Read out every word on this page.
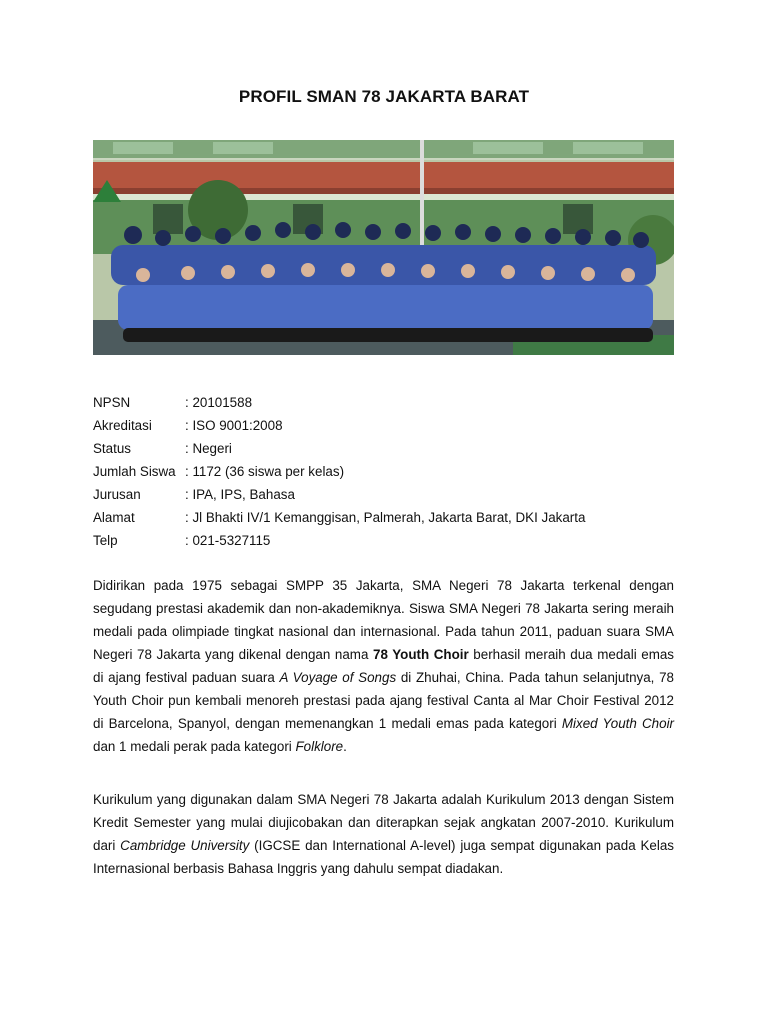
PROFIL SMAN 78 JAKARTA BARAT
NPSN	: 20101588
Akreditasi	: ISO 9001:2008
Status	: Negeri
Jumlah Siswa : 1172 (36 siswa per kelas)
Jurusan	: IPA, IPS, Bahasa
Alamat	: Jl Bhakti IV/1 Kemanggisan, Palmerah, Jakarta Barat, DKI Jakarta
Telp	: 021-5327115

Didirikan pada 1975 sebagai SMPP 35 Jakarta, SMA Negeri 78 Jakarta terkenal dengan segudang prestasi akademik dan non-akademiknya. Siswa SMA Negeri 78 Jakarta sering meraih medali pada olimpiade tingkat nasional dan internasional. Pada tahun 2011, paduan suara SMA Negeri 78 Jakarta yang dikenal dengan nama 78 Youth Choir berhasil meraih dua medali emas di ajang festival paduan suara A Voyage of Songs di Zhuhai, China. Pada tahun selanjutnya, 78 Youth Choir pun kembali menoreh prestasi pada ajang festival Canta al Mar Choir Festival 2012 di Barcelona, Spanyol, dengan memenangkan 1 medali emas pada kategori Mixed Youth Choir dan 1 medali perak pada kategori Folklore.

Kurikulum yang digunakan dalam SMA Negeri 78 Jakarta adalah Kurikulum 2013 dengan Sistem Kredit Semester yang mulai diujicobakan dan diterapkan sejak angkatan 2007-2010. Kurikulum dari Cambridge University (IGCSE dan International A-level) juga sempat digunakan pada Kelas Internasional berbasis Bahasa Inggris yang dahulu sempat diadakan.
